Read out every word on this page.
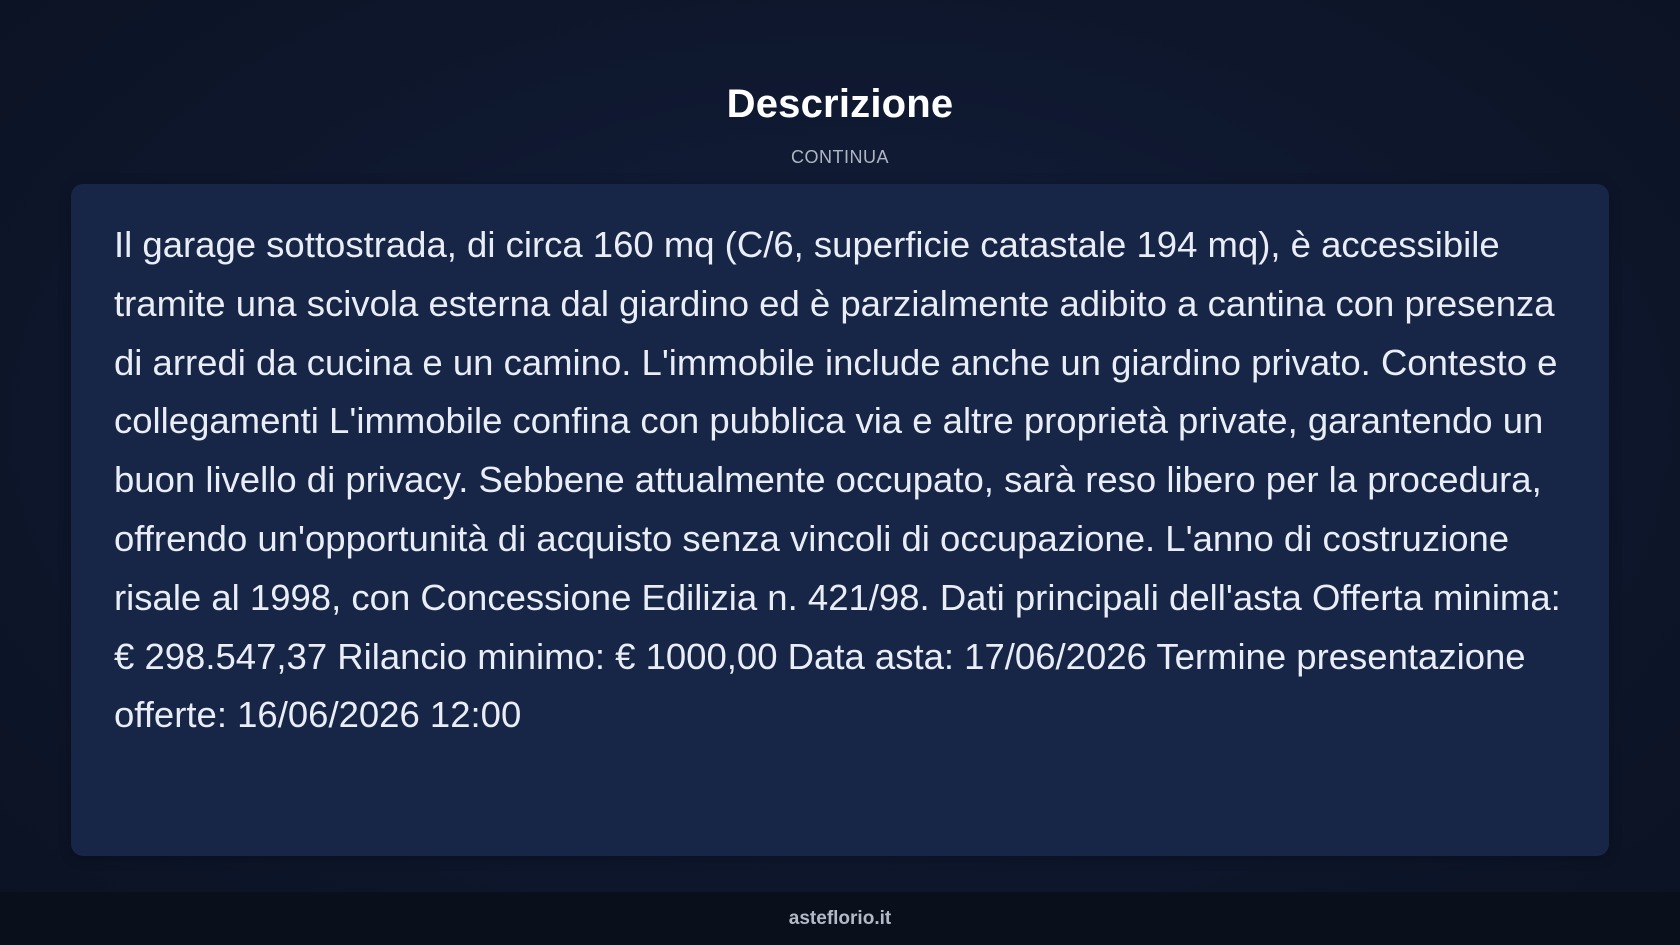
Descrizione
CONTINUA

Il garage sottostrada, di circa 160 mq (C/6, superficie catastale 194 mq), è accessibile tramite una scivola esterna dal giardino ed è parzialmente adibito a cantina con presenza di arredi da cucina e un camino. L'immobile include anche un giardino privato. Contesto e collegamenti L'immobile confina con pubblica via e altre proprietà private, garantendo un buon livello di privacy. Sebbene attualmente occupato, sarà reso libero per la procedura, offrendo un'opportunità di acquisto senza vincoli di occupazione. L'anno di costruzione risale al 1998, con Concessione Edilizia n. 421/98. Dati principali dell'asta Offerta minima: € 298.547,37 Rilancio minimo: € 1000,00 Data asta: 17/06/2026 Termine presentazione offerte: 16/06/2026 12:00

asteflorio.it
